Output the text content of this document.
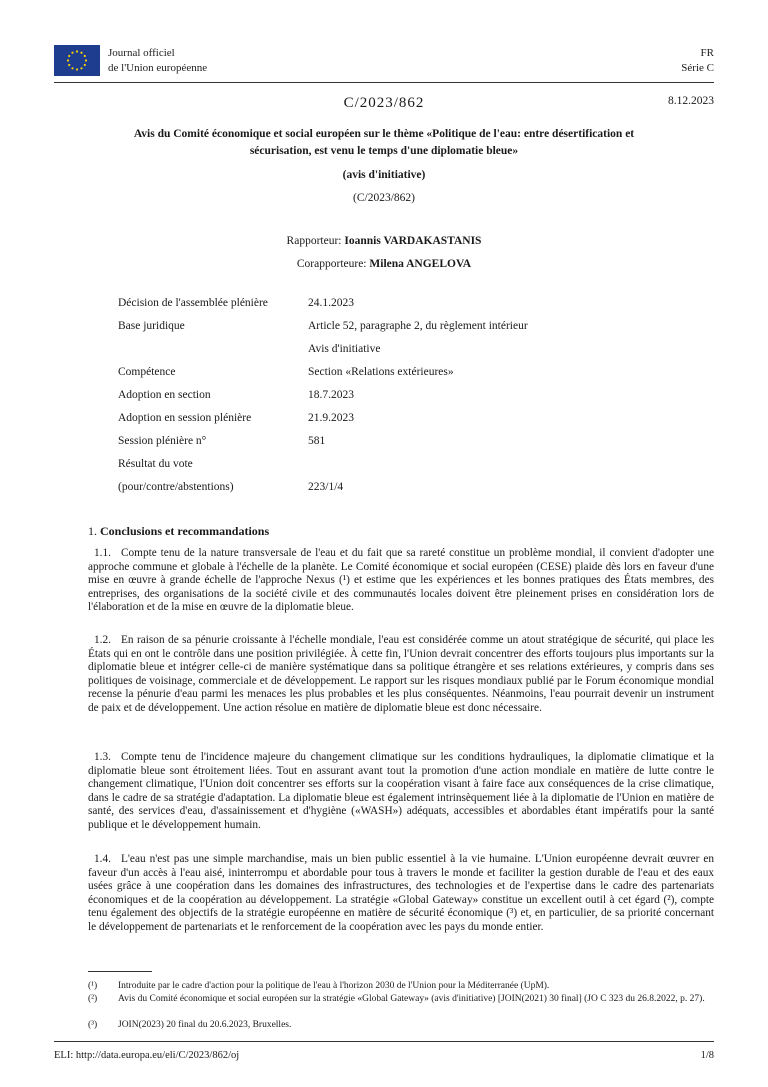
Journal officiel
de l'Union européenne
FR
Série C
C/2023/862	8.12.2023
Avis du Comité économique et social européen sur le thème «Politique de l'eau: entre désertification et sécurisation, est venu le temps d'une diplomatie bleue»
(avis d'initiative)
(C/2023/862)
Rapporteur: Ioannis VARDAKASTANIS
Corapporteure: Milena ANGELOVA
Décision de l'assemblée plénière	24.1.2023
Base juridique	Article 52, paragraphe 2, du règlement intérieur
Avis d'initiative
Compétence	Section «Relations extérieures»
Adoption en section	18.7.2023
Adoption en session plénière	21.9.2023
Session plénière n°	581
Résultat du vote
(pour/contre/abstentions)	223/1/4
1. Conclusions et recommandations
1.1. Compte tenu de la nature transversale de l'eau et du fait que sa rareté constitue un problème mondial, il convient d'adopter une approche commune et globale à l'échelle de la planète. Le Comité économique et social européen (CESE) plaide dès lors en faveur d'une mise en œuvre à grande échelle de l'approche Nexus (¹) et estime que les expériences et les bonnes pratiques des États membres, des entreprises, des organisations de la société civile et des communautés locales doivent être pleinement prises en considération lors de l'élaboration et de la mise en œuvre de la diplomatie bleue.
1.2. En raison de sa pénurie croissante à l'échelle mondiale, l'eau est considérée comme un atout stratégique de sécurité, qui place les États qui en ont le contrôle dans une position privilégiée. À cette fin, l'Union devrait concentrer des efforts toujours plus importants sur la diplomatie bleue et intégrer celle-ci de manière systématique dans sa politique étrangère et ses relations extérieures, y compris dans ses politiques de voisinage, commerciale et de développement. Le rapport sur les risques mondiaux publié par le Forum économique mondial recense la pénurie d'eau parmi les menaces les plus probables et les plus conséquentes. Néanmoins, l'eau pourrait devenir un instrument de paix et de développement. Une action résolue en matière de diplomatie bleue est donc nécessaire.
1.3. Compte tenu de l'incidence majeure du changement climatique sur les conditions hydrauliques, la diplomatie climatique et la diplomatie bleue sont étroitement liées. Tout en assurant avant tout la promotion d'une action mondiale en matière de lutte contre le changement climatique, l'Union doit concentrer ses efforts sur la coopération visant à faire face aux conséquences de la crise climatique, dans le cadre de sa stratégie d'adaptation. La diplomatie bleue est également intrinsèquement liée à la diplomatie de l'Union en matière de santé, des services d'eau, d'assainissement et d'hygiène («WASH») adéquats, accessibles et abordables étant impératifs pour la santé publique et le développement humain.
1.4. L'eau n'est pas une simple marchandise, mais un bien public essentiel à la vie humaine. L'Union européenne devrait œuvrer en faveur d'un accès à l'eau aisé, ininterrompu et abordable pour tous à travers le monde et faciliter la gestion durable de l'eau et des eaux usées grâce à une coopération dans les domaines des infrastructures, des technologies et de l'expertise dans le cadre des partenariats économiques et de la coopération au développement. La stratégie «Global Gateway» constitue un excellent outil à cet égard (²), compte tenu également des objectifs de la stratégie européenne en matière de sécurité économique (³) et, en particulier, de sa priorité concernant le développement de partenariats et le renforcement de la coopération avec les pays du monde entier.
(¹) Introduite par le cadre d'action pour la politique de l'eau à l'horizon 2030 de l'Union pour la Méditerranée (UpM).
(²) Avis du Comité économique et social européen sur la stratégie «Global Gateway» (avis d'initiative) [JOIN(2021) 30 final] (JO C 323 du 26.8.2022, p. 27).
(³) JOIN(2023) 20 final du 20.6.2023, Bruxelles.
ELI: http://data.europa.eu/eli/C/2023/862/oj	1/8
